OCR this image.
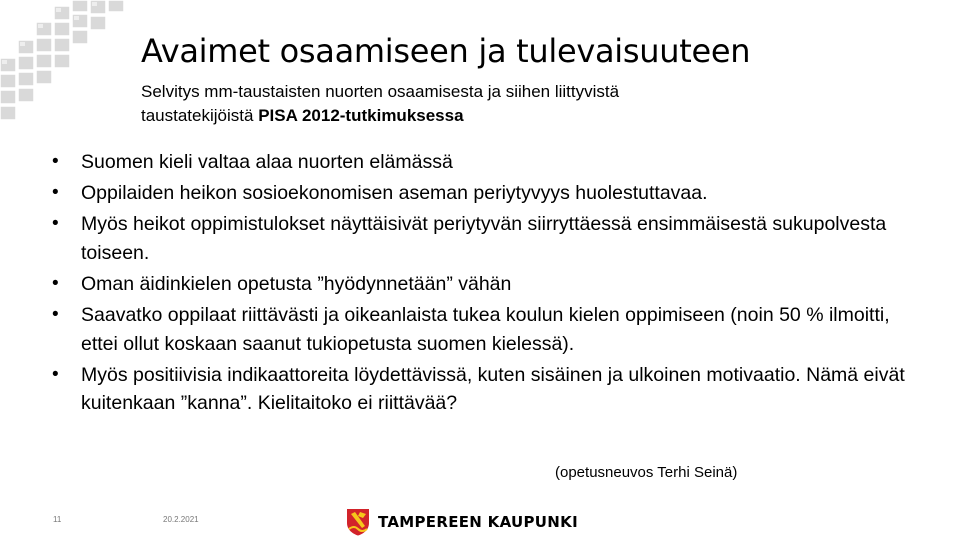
Avaimet osaamiseen ja tulevaisuuteen
Selvitys mm-taustaisten nuorten osaamisesta ja siihen liittyvistä
taustatekijöistä PISA 2012-tutkimuksessa
• Suomen kieli valtaa alaa nuorten elämässä
• Oppilaiden heikon sosioekonomisen aseman periytyvyys huolestuttavaa.
• Myös heikot oppimistulokset näyttäisivät periytyvän siirryttäessä ensimmäisestä sukupolvesta toiseen.
• Oman äidinkielen opetusta ”hyödynnetään” vähän
• Saavatko oppilaat riittävästi ja oikeanlaista tukea koulun kielen oppimiseen (noin 50 % ilmoitti, ettei ollut koskaan saanut tukiopetusta suomen kielessä).
• Myös positiivisia indikaattoreita löydettävissä, kuten sisäinen ja ulkoinen motivaatio. Nämä eivät kuitenkaan ”kanna”. Kielitaitoko ei riittävää?
(opetusneuvos Terhi Seinä)
11	20.2.2021	TAMPEREEN KAUPUNKI
